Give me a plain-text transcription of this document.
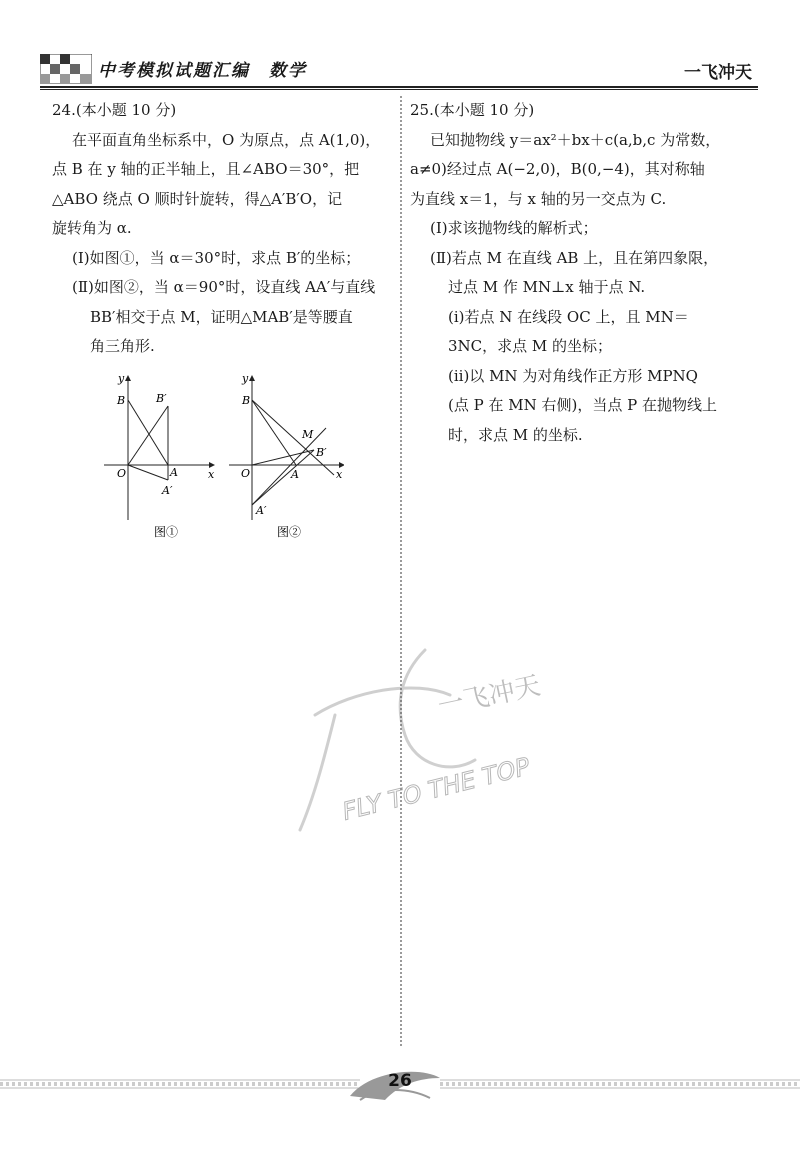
中考模拟试题汇编　数学	一飞冲天
24.(本小题 10 分)
在平面直角坐标系中，O 为原点，点 A(1,0)，
点 B 在 y 轴的正半轴上，且∠ABO＝30°，把
△ABO 绕点 O 顺时针旋转，得△A′B′O，记
旋转角为 α.
(Ⅰ)如图①，当 α＝30°时，求点 B′的坐标；
(Ⅱ)如图②，当 α＝90°时，设直线 AA′与直线
BB′相交于点 M，证明△MAB′是等腰直
角三角形.
y
x
O	A
B	B′
A′
图①
y
x
O	A
B
M
B′
A′
图②
25.(本小题 10 分)
已知抛物线 y＝ax²＋bx＋c(a,b,c 为常数，
a≠0)经过点 A(−2,0)，B(0,−4)，其对称轴
为直线 x＝1，与 x 轴的另一交点为 C.
(Ⅰ)求该抛物线的解析式；
(Ⅱ)若点 M 在直线 AB 上，且在第四象限，
过点 M 作 MN⊥x 轴于点 N.
(ⅰ)若点 N 在线段 OC 上，且 MN＝
3NC，求点 M 的坐标；
(ⅱ)以 MN 为对角线作正方形 MPNQ
(点 P 在 MN 右侧)，当点 P 在抛物线上
时，求点 M 的坐标.
一飞冲天
FLY TO THE TOP
26
